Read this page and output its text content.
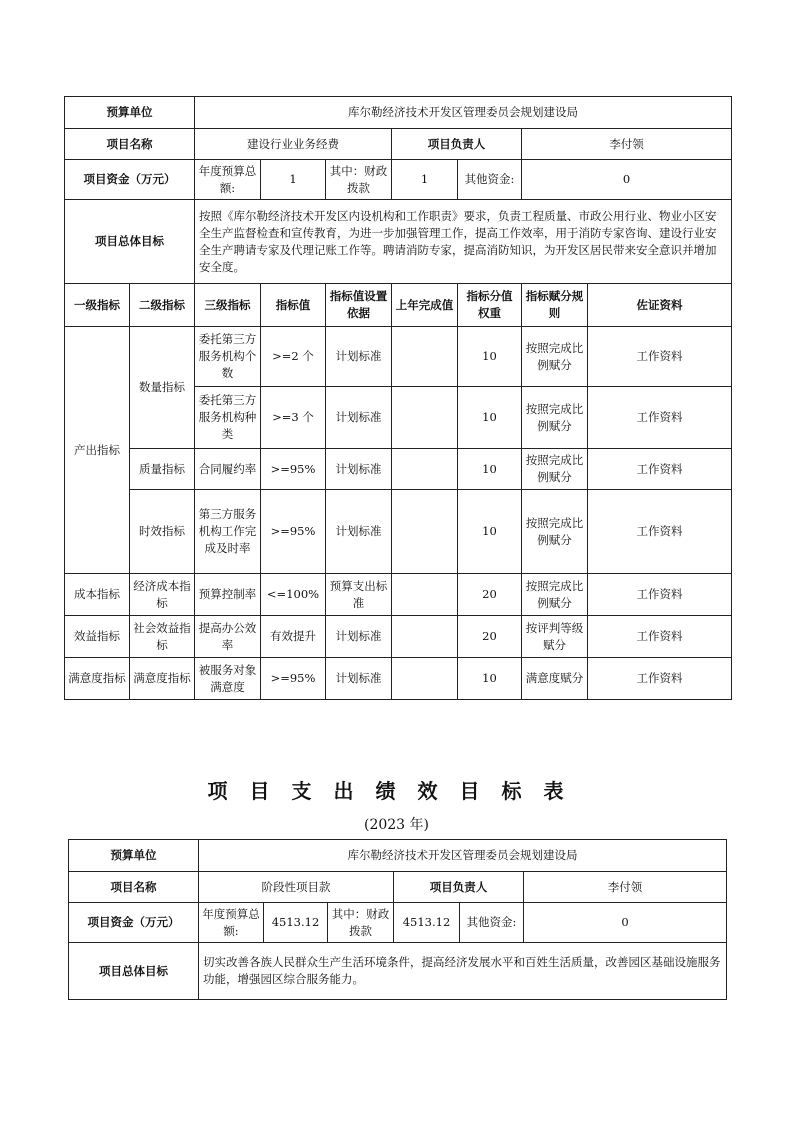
预算单位		库尔勒经济技术开发区管理委员会规划建设局						
项目名称		建设行业业务经费			项目负责人		李付领	
项目资金（万元）		年度预算总额:	1	其中：财政拨款	1	其他资金:	0	
项目总体目标		按照《库尔勒经济技术开发区内设机构和工作职责》要求，负责工程质量、市政公用行业、物业小区安全生产监督检查和宣传教育，为进一步加强管理工作，提高工作效率，用于消防专家咨询、建设行业安全生产聘请专家及代理记账工作等。聘请消防专家，提高消防知识，为开发区居民带来安全意识并增加安全度。						
一级指标	二级指标	三级指标	指标值	指标值设置依据	上年完成值	指标分值权重	指标赋分规则	佐证资料
产出指标	数量指标	委托第三方服务机构个数	>=2 个	计划标准		10	按照完成比例赋分	工作资料
		委托第三方服务机构种类	>=3 个	计划标准		10	按照完成比例赋分	工作资料
	质量指标	合同履约率	>=95%	计划标准		10	按照完成比例赋分	工作资料
	时效指标	第三方服务机构工作完成及时率	>=95%	计划标准		10	按照完成比例赋分	工作资料
成本指标	经济成本指标	预算控制率	<=100%	预算支出标准		20	按照完成比例赋分	工作资料
效益指标	社会效益指标	提高办公效率	有效提升	计划标准		20	按评判等级赋分	工作资料
满意度指标	满意度指标	被服务对象满意度	>=95%	计划标准		10	满意度赋分	工作资料
项目支出绩效目标表
(2023 年)
预算单位	库尔勒经济技术开发区管理委员会规划建设局					
项目名称	阶段性项目款			项目负责人		李付领
项目资金（万元）	年度预算总额:	4513.12	其中：财政拨款	4513.12	其他资金:	0
项目总体目标	切实改善各族人民群众生产生活环境条件，提高经济发展水平和百姓生活质量，改善园区基础设施服务功能，增强园区综合服务能力。					
